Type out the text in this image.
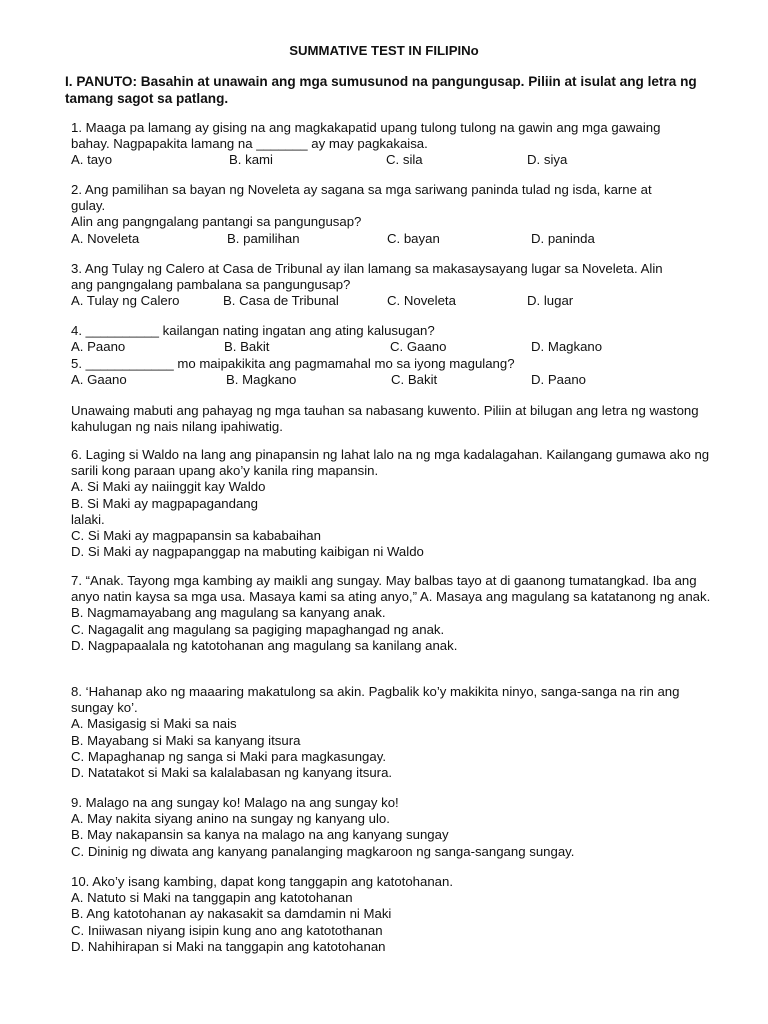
SUMMATIVE TEST IN FILIPINo
I. PANUTO: Basahin at unawain ang mga sumusunod na pangungusap. Piliin at isulat ang letra ng tamang sagot sa patlang.
1. Maaga pa lamang ay gising na ang magkakapatid upang tulong tulong na gawin ang mga gawaing
bahay. Nagpapakita lamang na _______ ay may pagkakaisa.
A. tayo	B. kami	C. sila	D. siya
2. Ang pamilihan sa bayan ng Noveleta ay sagana sa mga sariwang paninda tulad ng isda, karne at
gulay.
Alin ang pangngalang pantangi sa pangungusap?
A. Noveleta	B. pamilihan	C. bayan	D. paninda
3. Ang Tulay ng Calero at Casa de Tribunal ay ilan lamang sa makasaysayang lugar sa Noveleta. Alin
ang pangngalang pambalana sa pangungusap?
A. Tulay ng Calero	B. Casa de Tribunal	C. Noveleta	D. lugar
4. __________ kailangan nating ingatan ang ating kalusugan?
A. Paano	B. Bakit	C. Gaano	D. Magkano
5. ____________ mo maipakikita ang pagmamahal mo sa iyong magulang?
A. Gaano	B. Magkano	C. Bakit	D. Paano
Unawaing mabuti ang pahayag ng mga tauhan sa nabasang kuwento. Piliin at bilugan ang letra ng wastong kahulugan ng nais nilang ipahiwatig.
6. Laging si Waldo na lang ang pinapansin ng lahat lalo na ng mga kadalagahan. Kailangang gumawa ako ng sarili kong paraan upang ako’y kanila ring mapansin.
A. Si Maki ay naiinggit kay Waldo
B. Si Maki ay magpapagandang
lalaki.
C. Si Maki ay magpapansin sa kababaihan
D. Si Maki ay nagpapanggap na mabuting kaibigan ni Waldo
7. “Anak. Tayong mga kambing ay maikli ang sungay. May balbas tayo at di gaanong tumatangkad. Iba ang anyo natin kaysa sa mga usa. Masaya kami sa ating anyo,” A. Masaya ang magulang sa katatanong ng anak.
B. Nagmamayabang ang magulang sa kanyang anak.
C. Nagagalit ang magulang sa pagiging mapaghangad ng anak.
D. Nagpapaalala ng katotohanan ang magulang sa kanilang anak.
8. ‘Hahanap ako ng maaaring makatulong sa akin. Pagbalik ko’y makikita ninyo, sanga-sanga na rin ang sungay ko’.
A. Masigasig si Maki sa nais
B. Mayabang si Maki sa kanyang itsura
C. Mapaghanap ng sanga si Maki para magkasungay.
D. Natatakot si Maki sa kalalabasan ng kanyang itsura.
9. Malago na ang sungay ko! Malago na ang sungay ko!
A. May nakita siyang anino na sungay ng kanyang ulo.
B. May nakapansin sa kanya na malago na ang kanyang sungay
C. Dininig ng diwata ang kanyang panalanging magkaroon ng sanga-sangang sungay.
10. Ako’y isang kambing, dapat kong tanggapin ang katotohanan.
A. Natuto si Maki na tanggapin ang katotohanan
B. Ang katotohanan ay nakasakit sa damdamin ni Maki
C. Iniiwasan niyang isipin kung ano ang katotothanan
D. Nahihirapan si Maki na tanggapin ang katotohanan
